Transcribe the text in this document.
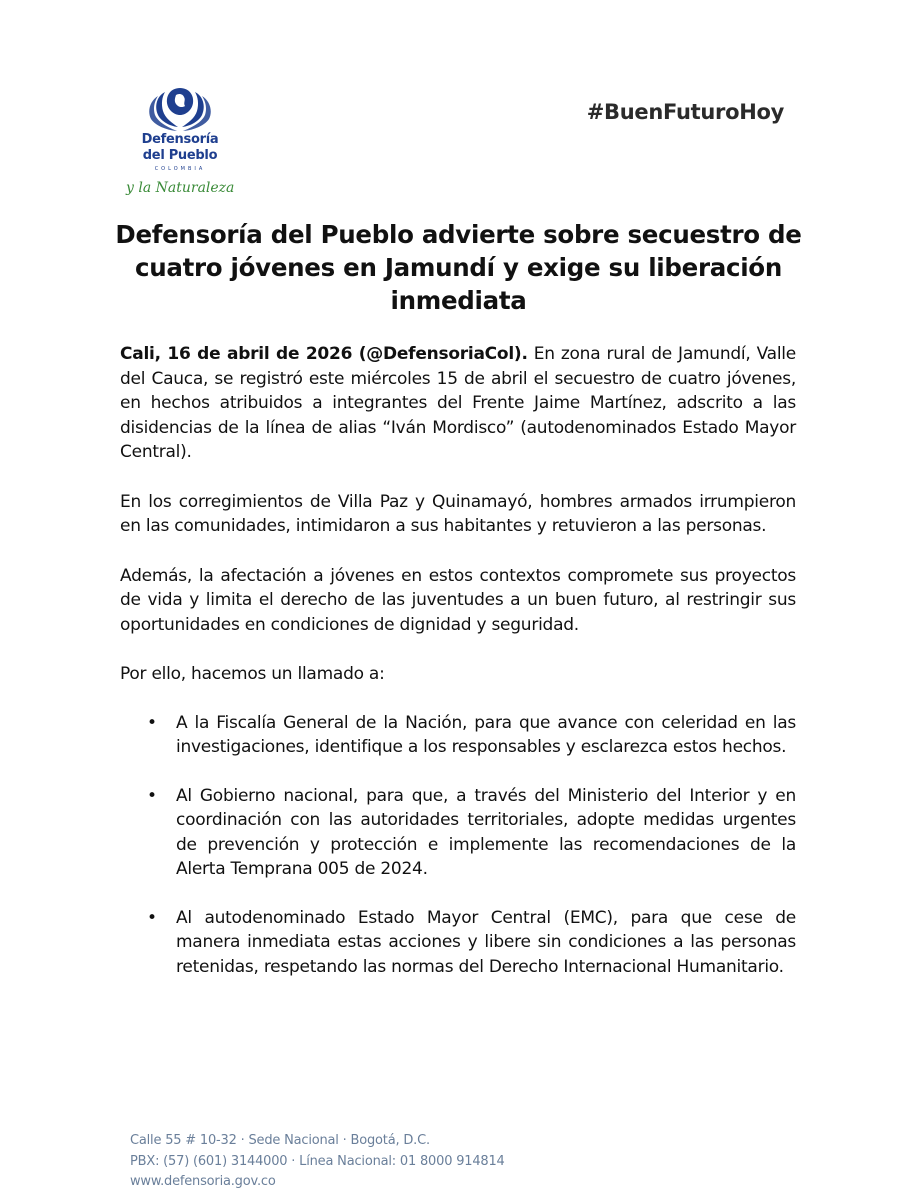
Defensoría
del Pueblo
COLOMBIA
y la Naturaleza
#BuenFuturoHoy
Defensoría del Pueblo advierte sobre secuestro de cuatro jóvenes en Jamundí y exige su liberación inmediata

Cali, 16 de abril de 2026 (@DefensoriaCol). En zona rural de Jamundí, Valle del Cauca, se registró este miércoles 15 de abril el secuestro de cuatro jóvenes, en hechos atribuidos a integrantes del Frente Jaime Martínez, adscrito a las disidencias de la línea de alias “Iván Mordisco” (autodenominados Estado Mayor Central).

En los corregimientos de Villa Paz y Quinamayó, hombres armados irrumpieron en las comunidades, intimidaron a sus habitantes y retuvieron a las personas.

Además, la afectación a jóvenes en estos contextos compromete sus proyectos de vida y limita el derecho de las juventudes a un buen futuro, al restringir sus oportunidades en condiciones de dignidad y seguridad.

Por ello, hacemos un llamado a:

• A la Fiscalía General de la Nación, para que avance con celeridad en las investigaciones, identifique a los responsables y esclarezca estos hechos.
• Al Gobierno nacional, para que, a través del Ministerio del Interior y en coordinación con las autoridades territoriales, adopte medidas urgentes de prevención y protección e implemente las recomendaciones de la Alerta Temprana 005 de 2024.
• Al autodenominado Estado Mayor Central (EMC), para que cese de manera inmediata estas acciones y libere sin condiciones a las personas retenidas, respetando las normas del Derecho Internacional Humanitario.
Calle 55 # 10-32 · Sede Nacional · Bogotá, D.C.
PBX: (57) (601) 3144000 · Línea Nacional: 01 8000 914814
www.defensoria.gov.co
